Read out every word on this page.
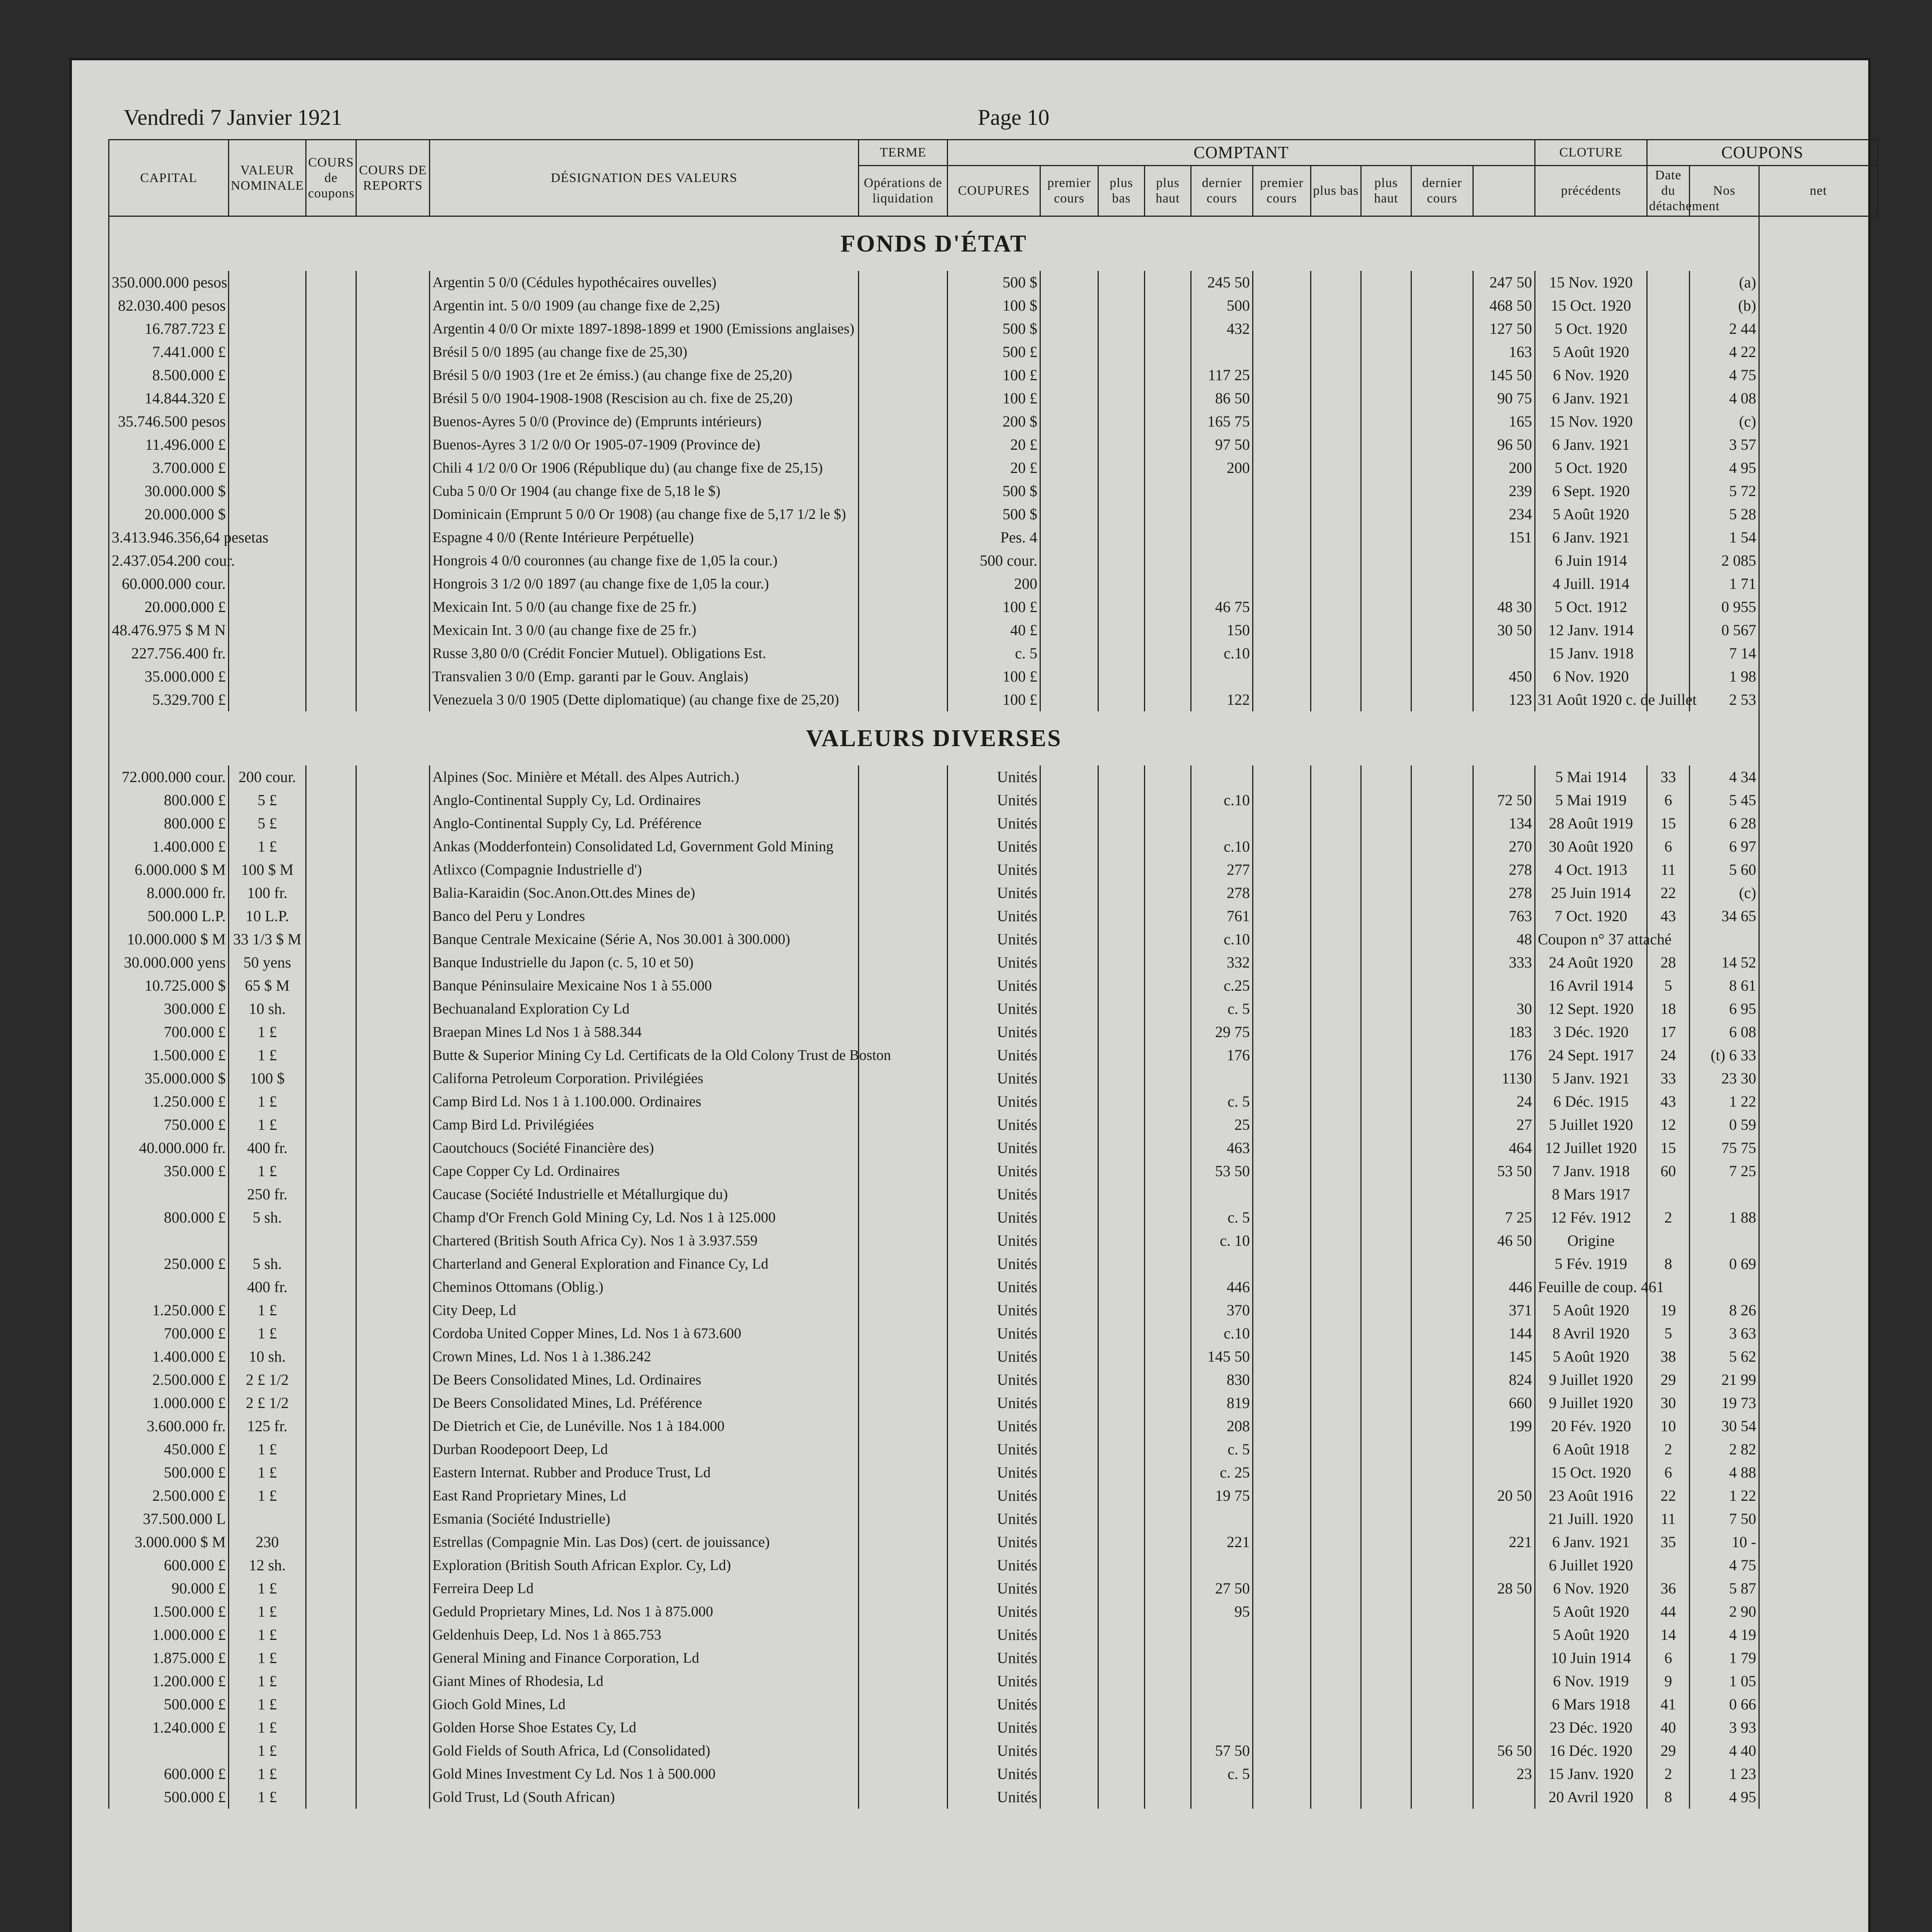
Vendredi 7 Janvier 1921	Page 10
CAPITAL	VALEUR NOMINALE	COURS de coupons	COURS DE REPORTS	DÉSIGNATION DES VALEURS	TERME	COMPTANT										CLOTURE	COUPONS		
					Opérations de liquidation	COUPURES	premier cours	plus bas	plus haut	dernier cours	premier cours	plus bas	plus haut	dernier cours		précédents	Date du détachement	Nos	net
FONDS D'ÉTAT																			
350.000.000 pesos				Argentin 5 0/0 (Cédules hypothécaires ouvelles)		500 $				245 50					247 50	15 Nov. 1920		(a)	
82.030.400 pesos				Argentin int. 5 0/0 1909 (au change fixe de 2,25)		100 $				500					468 50	15 Oct. 1920		(b)	
16.787.723 £				Argentin 4 0/0 Or mixte 1897-1898-1899 et 1900 (Emissions anglaises)		500 $				432					127 50	5 Oct. 1920		2 44	
7.441.000 £				Brésil 5 0/0 1895 (au change fixe de 25,30)		500 £									163	5 Août 1920		4 22	
8.500.000 £				Brésil 5 0/0 1903 (1re et 2e émiss.) (au change fixe de 25,20)		100 £				117 25					145 50	6 Nov. 1920		4 75	
14.844.320 £				Brésil 5 0/0 1904-1908-1908 (Rescision au ch. fixe de 25,20)		100 £				86 50					90 75	6 Janv. 1921		4 08	
35.746.500 pesos				Buenos-Ayres 5 0/0 (Province de) (Emprunts intérieurs)		200 $				165 75					165	15 Nov. 1920		(c)	
11.496.000 £				Buenos-Ayres 3 1/2 0/0 Or 1905-07-1909 (Province de)		20 £				97 50					96 50	6 Janv. 1921		3 57	
3.700.000 £				Chili 4 1/2 0/0 Or 1906 (République du) (au change fixe de 25,15)		20 £				200					200	5 Oct. 1920		4 95	
30.000.000 $				Cuba 5 0/0 Or 1904 (au change fixe de 5,18 le $)		500 $									239	6 Sept. 1920		5 72	
20.000.000 $				Dominicain (Emprunt 5 0/0 Or 1908) (au change fixe de 5,17 1/2 le $)		500 $									234	5 Août 1920		5 28	
3.413.946.356,64 pesetas				Espagne 4 0/0 (Rente Intérieure Perpétuelle)		Pes. 4									151	6 Janv. 1921		1 54	
2.437.054.200 cour.				Hongrois 4 0/0 couronnes (au change fixe de 1,05 la cour.)		500 cour.										6 Juin 1914		2 085	
60.000.000 cour.				Hongrois 3 1/2 0/0 1897 (au change fixe de 1,05 la cour.)		200										4 Juill. 1914		1 71	
20.000.000 £				Mexicain Int. 5 0/0 (au change fixe de 25 fr.)		100 £				46 75					48 30	5 Oct. 1912		0 955	
48.476.975 $ M N				Mexicain Int. 3 0/0 (au change fixe de 25 fr.)		40 £				150					30 50	12 Janv. 1914		0 567	
227.756.400 fr.				Russe 3,80 0/0 (Crédit Foncier Mutuel). Obligations Est.		c. 5				c.10						15 Janv. 1918		7 14	
35.000.000 £				Transvalien 3 0/0 (Emp. garanti par le Gouv. Anglais)		100 £									450	6 Nov. 1920		1 98	
5.329.700 £				Venezuela 3 0/0 1905 (Dette diplomatique) (au change fixe de 25,20)		100 £				122					123	31 Août 1920 c. de Juillet		2 53	
VALEURS DIVERSES																			
72.000.000 cour.	200 cour.			Alpines (Soc. Minière et Métall. des Alpes Autrich.)		Unités										5 Mai 1914	33	4 34	
800.000 £	5 £			Anglo-Continental Supply Cy, Ld. Ordinaires		Unités				c.10					72 50	5 Mai 1919	6	5 45	
800.000 £	5 £			Anglo-Continental Supply Cy, Ld. Préférence		Unités									134	28 Août 1919	15	6 28	
1.400.000 £	1 £			Ankas (Modderfontein) Consolidated Ld, Government Gold Mining		Unités				c.10					270	30 Août 1920	6	6 97	
6.000.000 $ M	100 $ M			Atlixco (Compagnie Industrielle d')		Unités				277					278	4 Oct. 1913	11	5 60	
8.000.000 fr.	100 fr.			Balia-Karaidin (Soc.Anon.Ott.des Mines de)		Unités				278					278	25 Juin 1914	22	(c)	
500.000 L.P.	10 L.P.			Banco del Peru y Londres		Unités				761					763	7 Oct. 1920	43	34 65	
10.000.000 $ M	33 1/3 $ M			Banque Centrale Mexicaine (Série A, Nos 30.001 à 300.000)		Unités				c.10					48	Coupon n° 37 attaché			
30.000.000 yens	50 yens			Banque Industrielle du Japon (c. 5, 10 et 50)		Unités				332					333	24 Août 1920	28	14 52	
10.725.000 $	65 $ M			Banque Péninsulaire Mexicaine Nos 1 à 55.000		Unités				c.25						16 Avril 1914	5	8 61	
300.000 £	10 sh.			Bechuanaland Exploration Cy Ld		Unités				c. 5					30	12 Sept. 1920	18	6 95	
700.000 £	1 £			Braepan Mines Ld Nos 1 à 588.344		Unités				29 75					183	3 Déc. 1920	17	6 08	
1.500.000 £	1 £			Butte & Superior Mining Cy Ld. Certificats de la Old Colony Trust de Boston		Unités				176					176	24 Sept. 1917	24	(t) 6 33	
35.000.000 $	100 $			Californa Petroleum Corporation. Privilégiées		Unités									1130	5 Janv. 1921	33	23 30	
1.250.000 £	1 £			Camp Bird Ld. Nos 1 à 1.100.000. Ordinaires		Unités				c. 5					24	6 Déc. 1915	43	1 22	
750.000 £	1 £			Camp Bird Ld. Privilégiées		Unités				25					27	5 Juillet 1920	12	0 59	
40.000.000 fr.	400 fr.			Caoutchoucs (Société Financière des)		Unités				463					464	12 Juillet 1920	15	75 75	
350.000 £	1 £			Cape Copper Cy Ld. Ordinaires		Unités				53 50					53 50	7 Janv. 1918	60	7 25	
	250 fr.			Caucase (Société Industrielle et Métallurgique du)		Unités										8 Mars 1917			
800.000 £	5 sh.			Champ d'Or French Gold Mining Cy, Ld. Nos 1 à 125.000		Unités				c. 5					7 25	12 Fév. 1912	2	1 88	
				Chartered (British South Africa Cy). Nos 1 à 3.937.559		Unités				c. 10					46 50	Origine			
250.000 £	5 sh.			Charterland and General Exploration and Finance Cy, Ld		Unités										5 Fév. 1919	8	0 69	
	400 fr.			Cheminos Ottomans (Oblig.)		Unités				446					446	Feuille de coup. 461			
1.250.000 £	1 £			City Deep, Ld		Unités				370					371	5 Août 1920	19	8 26	
700.000 £	1 £			Cordoba United Copper Mines, Ld. Nos 1 à 673.600		Unités				c.10					144	8 Avril 1920	5	3 63	
1.400.000 £	10 sh.			Crown Mines, Ld. Nos 1 à 1.386.242		Unités				145 50					145	5 Août 1920	38	5 62	
2.500.000 £	2 £ 1/2			De Beers Consolidated Mines, Ld. Ordinaires		Unités				830					824	9 Juillet 1920	29	21 99	
1.000.000 £	2 £ 1/2			De Beers Consolidated Mines, Ld. Préférence		Unités				819					660	9 Juillet 1920	30	19 73	
3.600.000 fr.	125 fr.			De Dietrich et Cie, de Lunéville. Nos 1 à 184.000		Unités				208					199	20 Fév. 1920	10	30 54	
450.000 £	1 £			Durban Roodepoort Deep, Ld		Unités				c. 5						6 Août 1918	2	2 82	
500.000 £	1 £			Eastern Internat. Rubber and Produce Trust, Ld		Unités				c. 25						15 Oct. 1920	6	4 88	
2.500.000 £	1 £			East Rand Proprietary Mines, Ld		Unités				19 75					20 50	23 Août 1916	22	1 22	
37.500.000 L				Esmania (Société Industrielle)		Unités										21 Juill. 1920	11	7 50	
3.000.000 $ M	230			Estrellas (Compagnie Min. Las Dos) (cert. de jouissance)		Unités				221					221	6 Janv. 1921	35	10 -	
600.000 £	12 sh.			Exploration (British South African Explor. Cy, Ld)		Unités										6 Juillet 1920		4 75	
90.000 £	1 £			Ferreira Deep Ld		Unités				27 50					28 50	6 Nov. 1920	36	5 87	
1.500.000 £	1 £			Geduld Proprietary Mines, Ld. Nos 1 à 875.000		Unités				95						5 Août 1920	44	2 90	
1.000.000 £	1 £			Geldenhuis Deep, Ld. Nos 1 à 865.753		Unités										5 Août 1920	14	4 19	
1.875.000 £	1 £			General Mining and Finance Corporation, Ld		Unités										10 Juin 1914	6	1 79	
1.200.000 £	1 £			Giant Mines of Rhodesia, Ld		Unités										6 Nov. 1919	9	1 05	
500.000 £	1 £			Gioch Gold Mines, Ld		Unités										6 Mars 1918	41	0 66	
1.240.000 £	1 £			Golden Horse Shoe Estates Cy, Ld		Unités										23 Déc. 1920	40	3 93	
	1 £			Gold Fields of South Africa, Ld (Consolidated)		Unités				57 50					56 50	16 Déc. 1920	29	4 40	
600.000 £	1 £			Gold Mines Investment Cy Ld. Nos 1 à 500.000		Unités				c. 5					23	15 Janv. 1920	2	1 23	
500.000 £	1 £			Gold Trust, Ld (South African)		Unités										20 Avril 1920	8	4 95	
